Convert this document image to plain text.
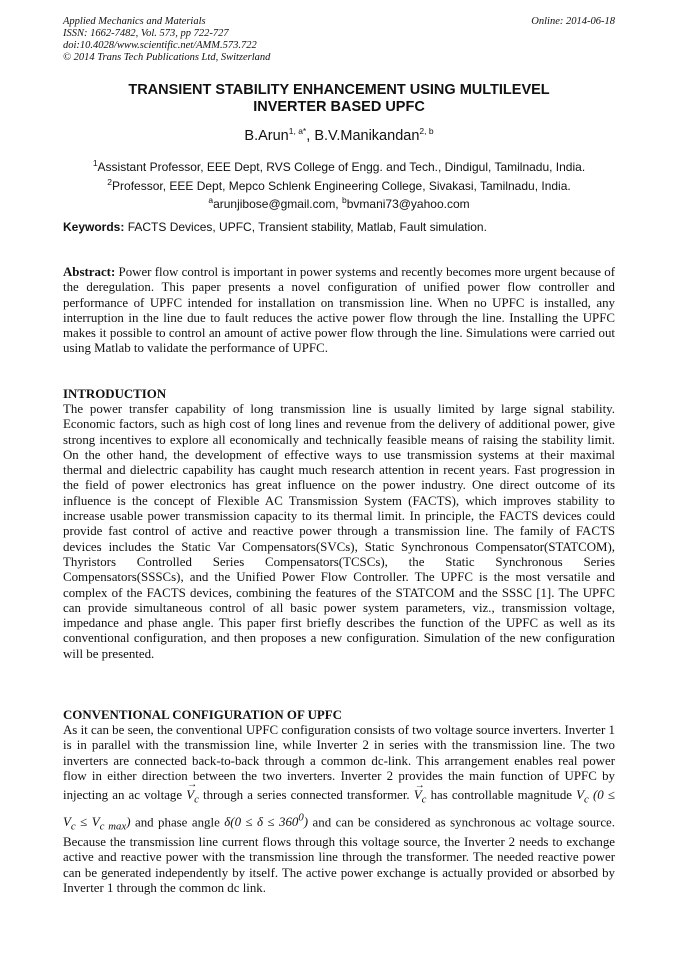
Applied Mechanics and Materials
ISSN: 1662-7482, Vol. 573, pp 722-727
doi:10.4028/www.scientific.net/AMM.573.722
© 2014 Trans Tech Publications Ltd, Switzerland
Online: 2014-06-18
TRANSIENT STABILITY ENHANCEMENT USING MULTILEVEL
INVERTER BASED UPFC
B.Arun$^{1, a*}$, B.V.Manikandan$^{2, b}$
$^1$Assistant Professor, EEE Dept, RVS College of Engg. and Tech., Dindigul, Tamilnadu, India.
$^2$Professor, EEE Dept, Mepco Schlenk Engineering College, Sivakasi, Tamilnadu, India.
$^a$arunjibose@gmail.com, $^b$bvmani73@yahoo.com
Keywords: FACTS Devices, UPFC, Transient stability, Matlab, Fault simulation.
Abstract: Power flow control is important in power systems and recently becomes more urgent because of the deregulation. This paper presents a novel configuration of unified power flow controller and performance of UPFC intended for installation on transmission line. When no UPFC is installed, any interruption in the line due to fault reduces the active power flow through the line. Installing the UPFC makes it possible to control an amount of active power flow through the line. Simulations were carried out using Matlab to validate the performance of UPFC.
INTRODUCTION
The power transfer capability of long transmission line is usually limited by large signal stability. Economic factors, such as high cost of long lines and revenue from the delivery of additional power, give strong incentives to explore all economically and technically feasible means of raising the stability limit. On the other hand, the development of effective ways to use transmission systems at their maximal thermal and dielectric capability has caught much research attention in recent years. Fast progression in the field of power electronics has great influence on the power industry. One direct outcome of its influence is the concept of Flexible AC Transmission System (FACTS), which improves stability to increase usable power transmission capacity to its thermal limit. In principle, the FACTS devices could provide fast control of active and reactive power through a transmission line. The family of FACTS devices includes the Static Var Compensators(SVCs), Static Synchronous Compensator(STATCOM), Thyristors Controlled Series Compensators(TCSCs), the Static Synchronous Series Compensators(SSSCs), and the Unified Power Flow Controller. The UPFC is the most versatile and complex of the FACTS devices, combining the features of the STATCOM and the SSSC [1]. The UPFC can provide simultaneous control of all basic power system parameters, viz., transmission voltage, impedance and phase angle. This paper first briefly describes the function of the UPFC as well as its conventional configuration, and then proposes a new configuration. Simulation of the new configuration will be presented.
CONVENTIONAL CONFIGURATION OF UPFC
As it can be seen, the conventional UPFC configuration consists of two voltage source inverters. Inverter 1 is in parallel with the transmission line, while Inverter 2 in series with the transmission line. The two inverters are connected back-to-back through a common dc-link. This arrangement enables real power flow in either direction between the two inverters. Inverter 2 provides the main function of UPFC by injecting an ac voltage → $V_c$ through a series connected transformer. → $V_c$ has controllable magnitude $V_c$ $(0 \le V_c \le V_{c max})$ and phase angle $\delta(0 \le \delta \le 360^0)$ and can be considered as synchronous ac voltage source. Because the transmission line current flows through this voltage source, the Inverter 2 needs to exchange active and reactive power with the transmission line through the transformer. The needed reactive power can be generated independently by itself. The active power exchange is actually provided or absorbed by Inverter 1 through the common dc link.
